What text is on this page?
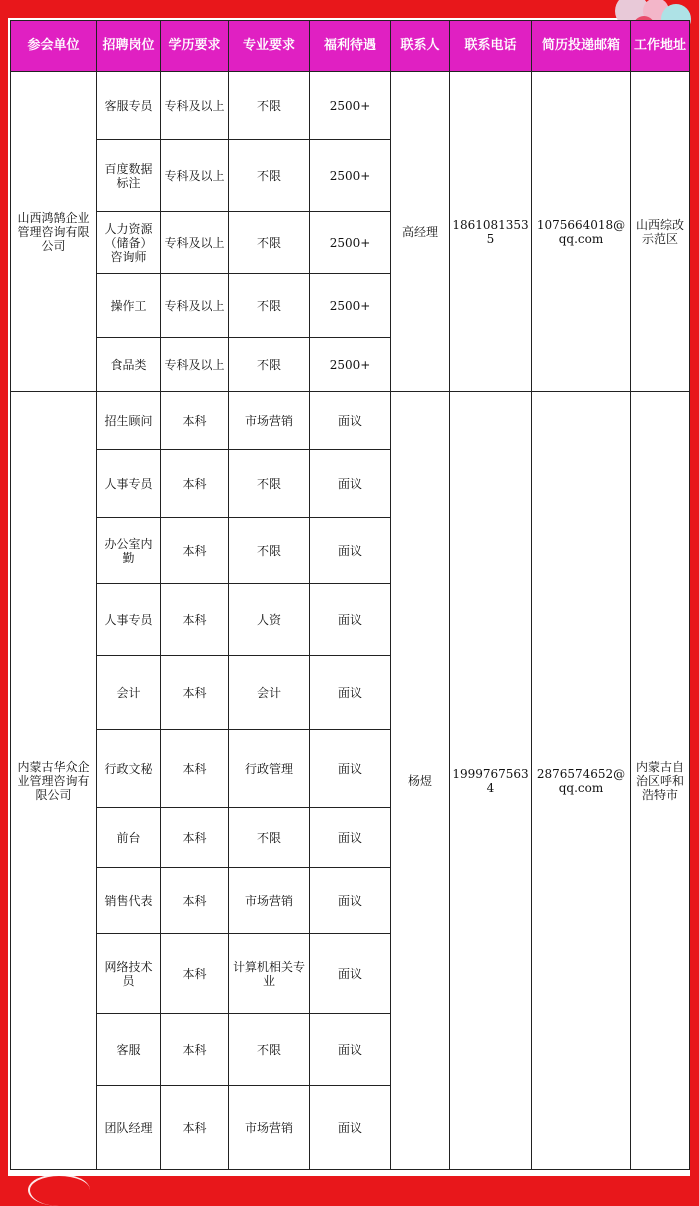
参会单位	招聘岗位	学历要求	专业要求	福利待遇	联系人	联系电话	简历投递邮箱	工作地址
山西鸿鹄企业管理咨询有限公司	客服专员	专科及以上	不限	2500+	高经理	18610813535	1075664018@qq.com	山西综改示范区
	百度数据标注	专科及以上	不限	2500+				
	人力资源（储备）咨询师	专科及以上	不限	2500+				
	操作工	专科及以上	不限	2500+				
	食品类	专科及以上	不限	2500+				
内蒙古华众企业管理咨询有限公司	招生顾问	本科	市场营销	面议	杨煜	19997675634	2876574652@qq.com	内蒙古自治区呼和浩特市
	人事专员	本科	不限	面议				
	办公室内勤	本科	不限	面议				
	人事专员	本科	人资	面议				
	会计	本科	会计	面议				
	行政文秘	本科	行政管理	面议				
	前台	本科	不限	面议				
	销售代表	本科	市场营销	面议				
	网络技术员	本科	计算机相关专业	面议				
	客服	本科	不限	面议				
	团队经理	本科	市场营销	面议				
